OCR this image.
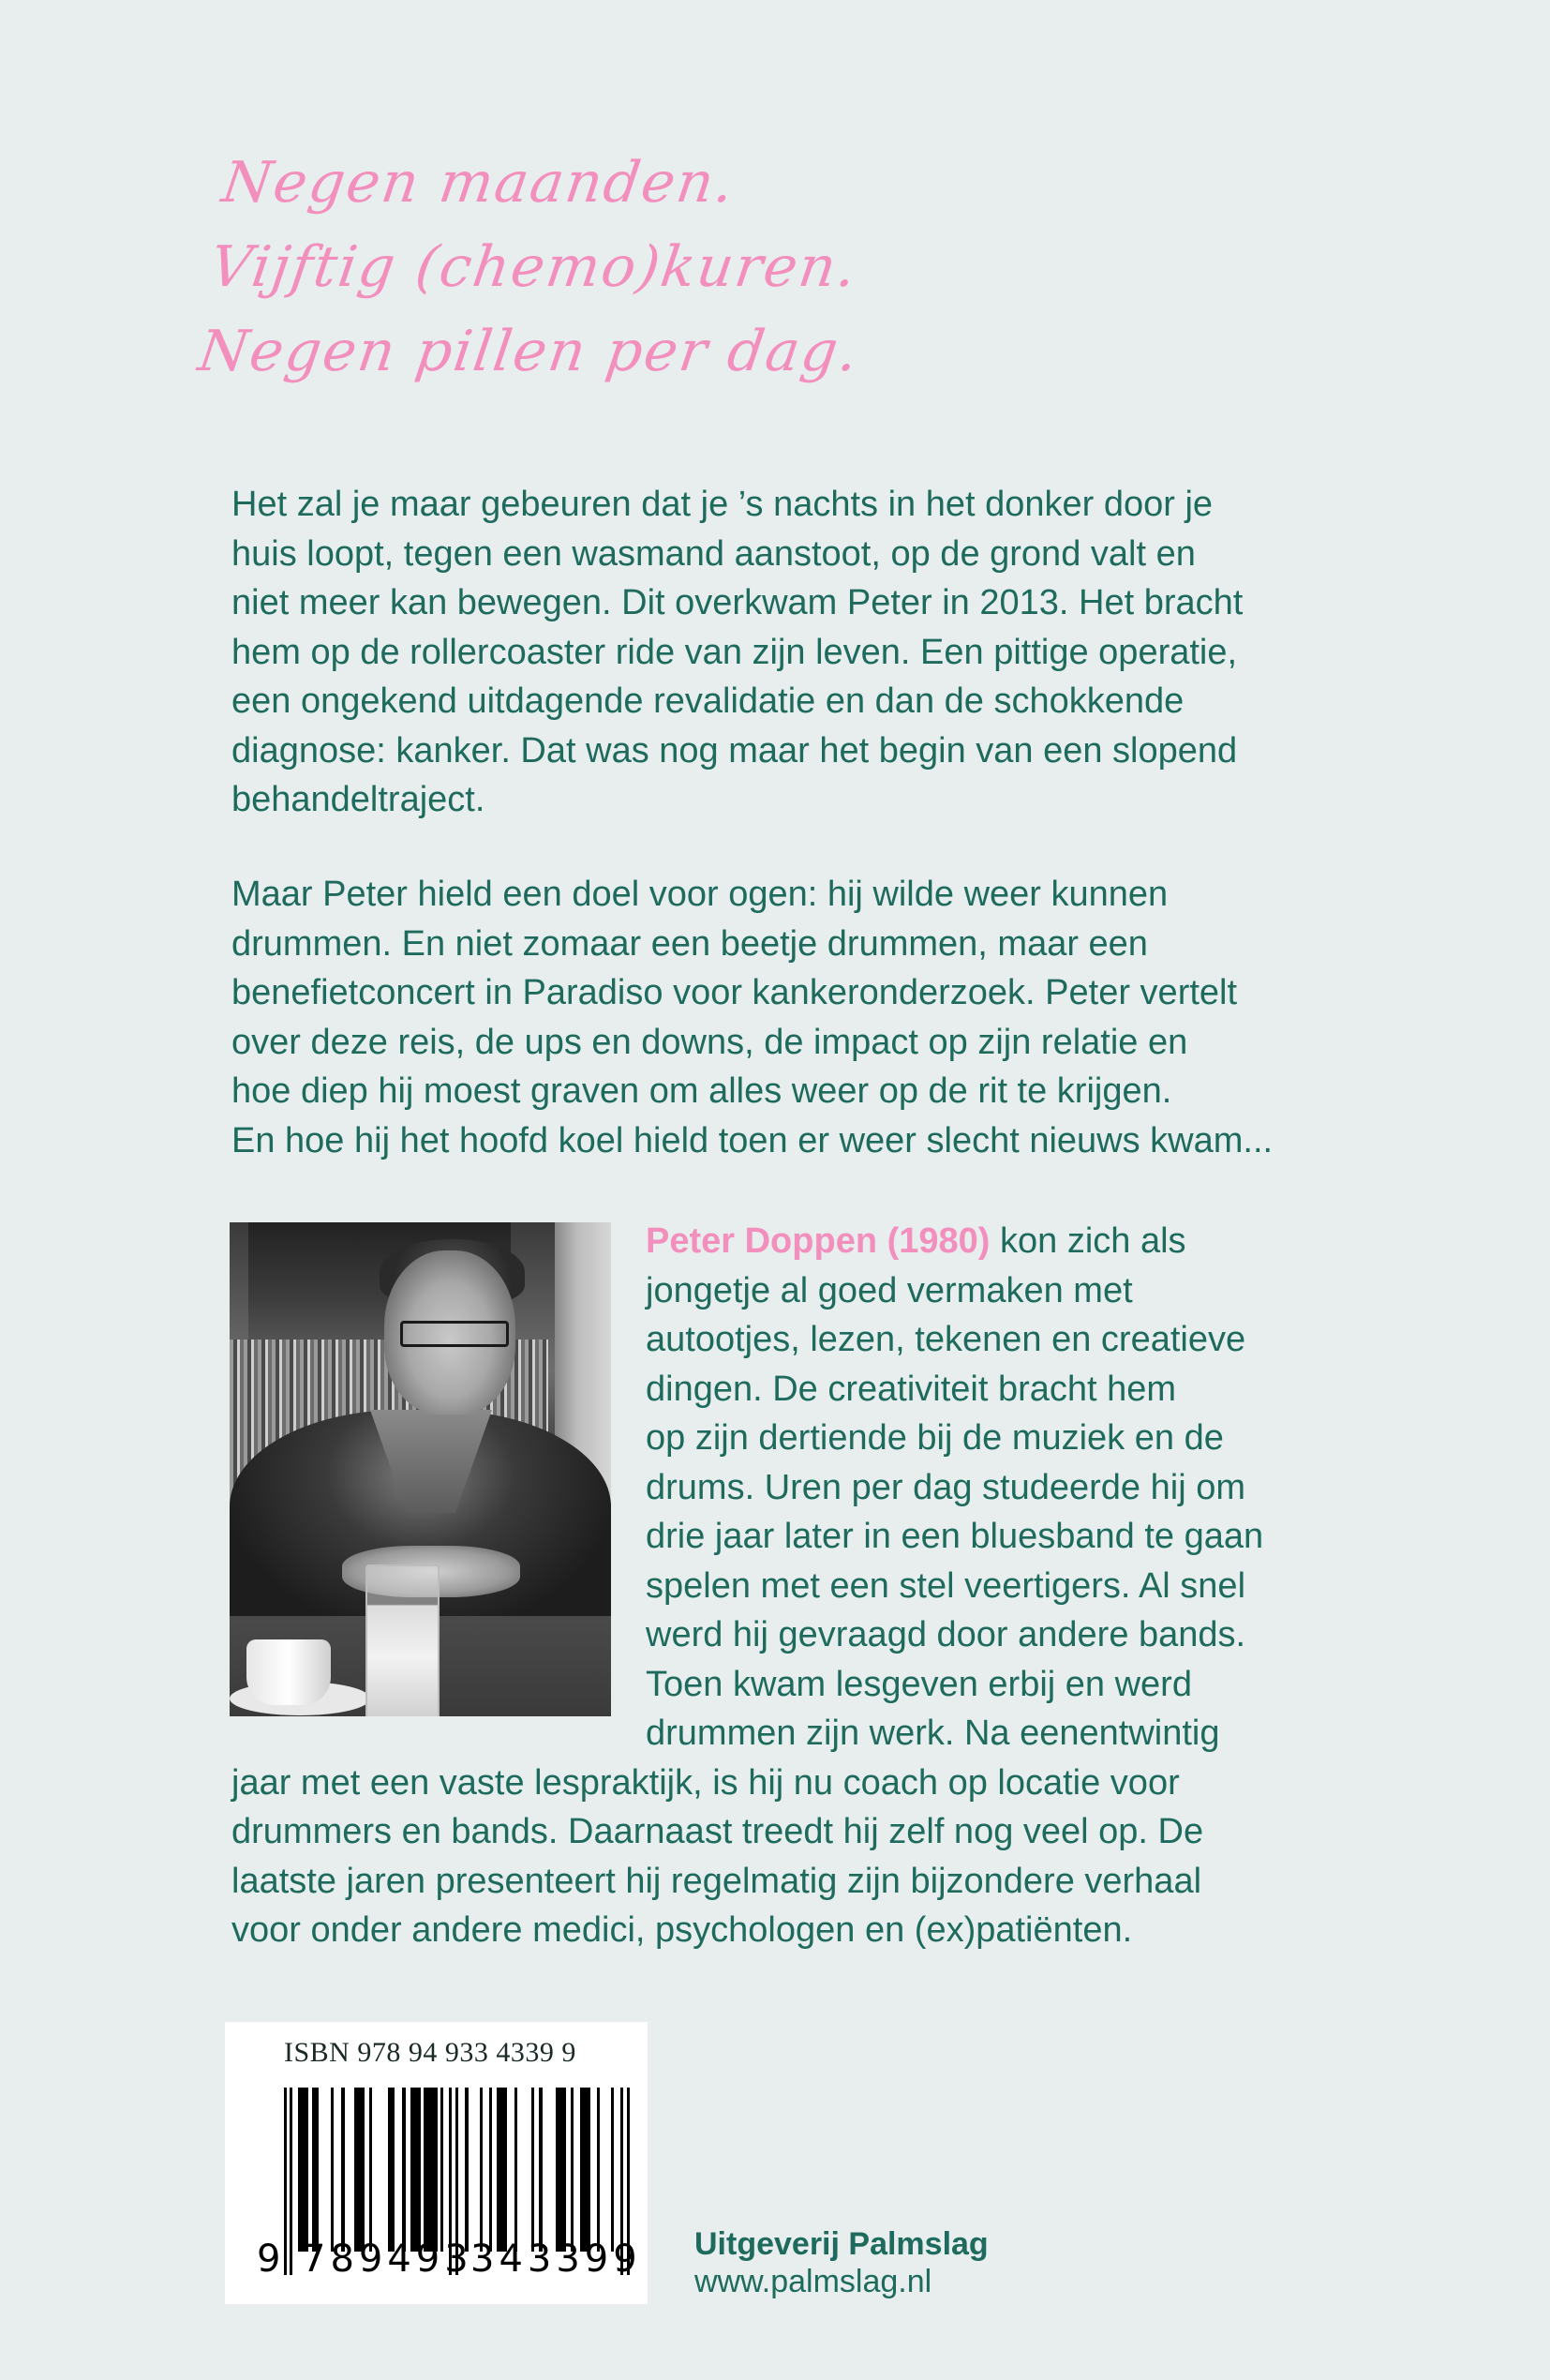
Negen maanden.
Vijftig (chemo)kuren.
Negen pillen per dag.

Het zal je maar gebeuren dat je ’s nachts in het donker door je
huis loopt, tegen een wasmand aanstoot, op de grond valt en
niet meer kan bewegen. Dit overkwam Peter in 2013. Het bracht
hem op de rollercoaster ride van zijn leven. Een pittige operatie,
een ongekend uitdagende revalidatie en dan de schokkende
diagnose: kanker. Dat was nog maar het begin van een slopend
behandeltraject.

Maar Peter hield een doel voor ogen: hij wilde weer kunnen
drummen. En niet zomaar een beetje drummen, maar een
benefietconcert in Paradiso voor kankeronderzoek. Peter vertelt
over deze reis, de ups en downs, de impact op zijn relatie en
hoe diep hij moest graven om alles weer op de rit te krijgen.
En hoe hij het hoofd koel hield toen er weer slecht nieuws kwam...

Peter Doppen (1980) kon zich als
jongetje al goed vermaken met
autootjes, lezen, tekenen en creatieve
dingen. De creativiteit bracht hem
op zijn dertiende bij de muziek en de
drums. Uren per dag studeerde hij om
drie jaar later in een bluesband te gaan
spelen met een stel veertigers. Al snel
werd hij gevraagd door andere bands.
Toen kwam lesgeven erbij en werd
drummen zijn werk. Na eenentwintig
jaar met een vaste lespraktijk, is hij nu coach op locatie voor
drummers en bands. Daarnaast treedt hij zelf nog veel op. De
laatste jaren presenteert hij regelmatig zijn bijzondere verhaal
voor onder andere medici, psychologen en (ex)patiënten.

ISBN 978 94 933 4339 9
9 789493
343399 Uitgeverij Palmslag
www.palmslag.nl
